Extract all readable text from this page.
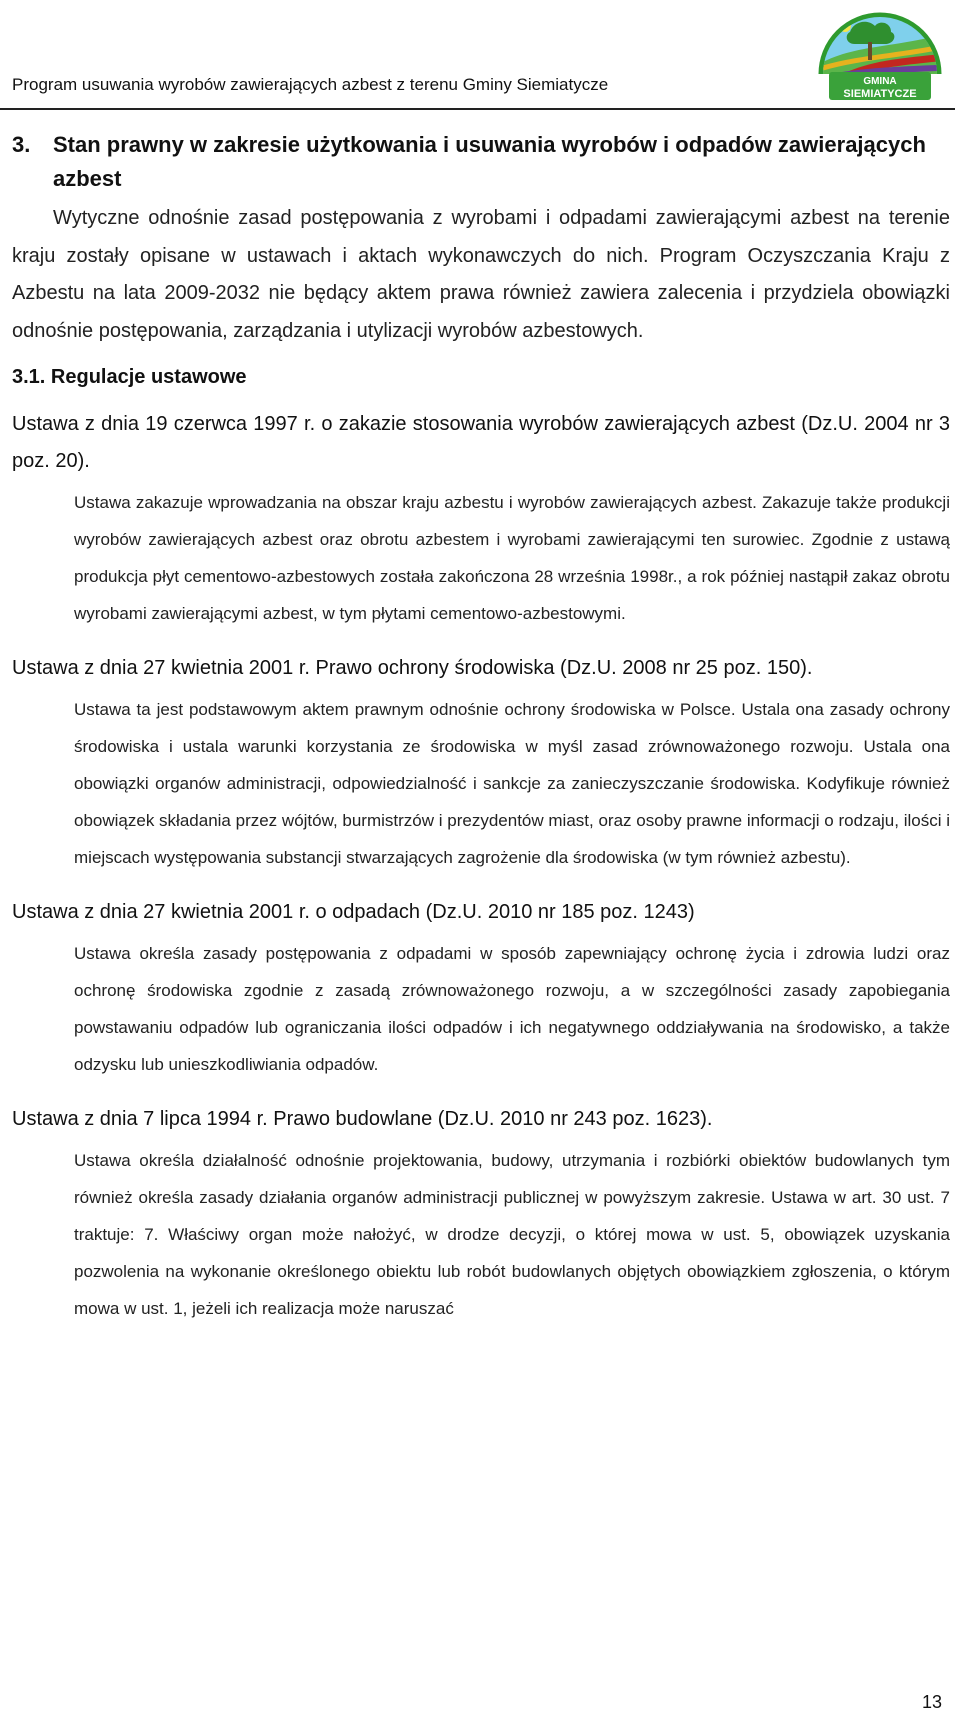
Program usuwania wyrobów zawierających azbest z terenu Gminy Siemiatycze	GMINA
SIEMIATYCZE
3. Stan prawny w zakresie użytkowania i usuwania wyrobów i odpadów zawierających azbest

Wytyczne odnośnie zasad postępowania z wyrobami i odpadami zawierającymi azbest na terenie kraju zostały opisane w ustawach i aktach wykonawczych do nich. Program Oczyszczania Kraju z Azbestu na lata 2009-2032 nie będący aktem prawa również zawiera zalecenia i przydziela obowiązki odnośnie postępowania, zarządzania i utylizacji wyrobów azbestowych.

3.1. Regulacje ustawowe
Ustawa z dnia 19 czerwca 1997 r. o zakazie stosowania wyrobów zawierających azbest (Dz.U. 2004 nr 3 poz. 20).
Ustawa zakazuje wprowadzania na obszar kraju azbestu i wyrobów zawierających azbest. Zakazuje także produkcji wyrobów zawierających azbest oraz obrotu azbestem i wyrobami zawierającymi ten surowiec. Zgodnie z ustawą produkcja płyt cementowo-azbestowych została zakończona 28 września 1998r., a rok później nastąpił zakaz obrotu wyrobami zawierającymi azbest, w tym płytami cementowo-azbestowymi.
Ustawa z dnia 27 kwietnia 2001 r. Prawo ochrony środowiska (Dz.U. 2008 nr 25 poz. 150).
Ustawa ta jest podstawowym aktem prawnym odnośnie ochrony środowiska w Polsce. Ustala ona zasady ochrony środowiska i ustala warunki korzystania ze środowiska w myśl zasad zrównoważonego rozwoju. Ustala ona obowiązki organów administracji, odpowiedzialność i sankcje za zanieczyszczanie środowiska. Kodyfikuje również obowiązek składania przez wójtów, burmistrzów i prezydentów miast, oraz osoby prawne informacji o rodzaju, ilości i miejscach występowania substancji stwarzających zagrożenie dla środowiska (w tym również azbestu).
Ustawa z dnia 27 kwietnia 2001 r. o odpadach (Dz.U. 2010 nr 185 poz. 1243)
Ustawa określa zasady postępowania z odpadami w sposób zapewniający ochronę życia i zdrowia ludzi oraz ochronę środowiska zgodnie z zasadą zrównoważonego rozwoju, a w szczególności zasady zapobiegania powstawaniu odpadów lub ograniczania ilości odpadów i ich negatywnego oddziaływania na środowisko, a także odzysku lub unieszkodliwiania odpadów.
Ustawa z dnia 7 lipca 1994 r. Prawo budowlane (Dz.U. 2010 nr 243 poz. 1623).
Ustawa określa działalność odnośnie projektowania, budowy, utrzymania i rozbiórki obiektów budowlanych tym również określa zasady działania organów administracji publicznej w powyższym zakresie. Ustawa w art. 30 ust. 7 traktuje: 7. Właściwy organ może nałożyć, w drodze decyzji, o której mowa w ust. 5, obowiązek uzyskania pozwolenia na wykonanie określonego obiektu lub robót budowlanych objętych obowiązkiem zgłoszenia, o którym mowa w ust. 1, jeżeli ich realizacja może naruszać
13
